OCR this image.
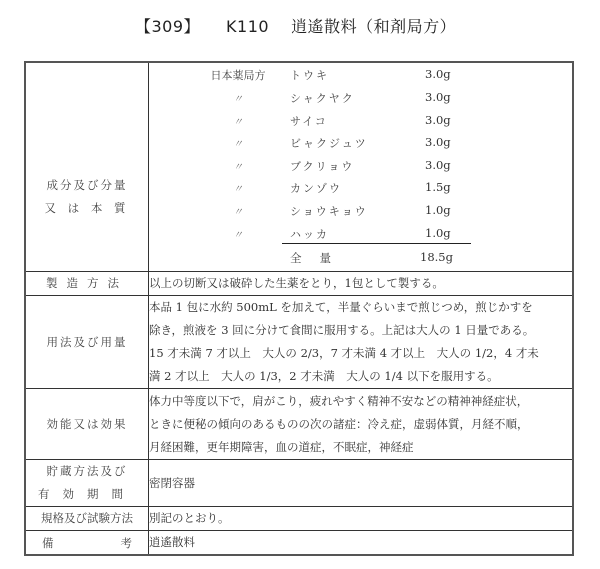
【309】 K110 逍遙散料（和剤局方）
成分及び分量
又 は 本 質

日本薬局方	トウキ	3.0g
〃	シャクヤク	3.0g
〃	サイコ	3.0g
〃	ビャクジュツ	3.0g
〃	ブクリョウ	3.0g
〃	カンゾウ	1.5g
〃	ショウキョウ	1.0g
〃	ハッカ	1.0g
全量	18.5g

製造方法	以上の切断又は破砕した生薬をとり，1包として製する。

用法及び用量	本品 1 包に水約 500mL を加えて，半量ぐらいまで煎じつめ，煎じかすを
除き，煎液を 3 回に分けて食間に服用する。上記は大人の 1 日量である。
15 才未満 7 才以上　大人の 2/3，7 才未満 4 才以上　大人の 1/2，4 才未
満 2 才以上　大人の 1/3，2 才未満　大人の 1/4 以下を服用する。

効能又は効果	体力中等度以下で，肩がこり，疲れやすく精神不安などの精神神経症状，
ときに便秘の傾向のあるものの次の諸症：冷え症，虚弱体質，月経不順，
月経困難，更年期障害，血の道症，不眠症，神経症

貯蔵方法及び
有効期間	密閉容器

規格及び試験方法	別記のとおり。

備 考	逍遙散料
